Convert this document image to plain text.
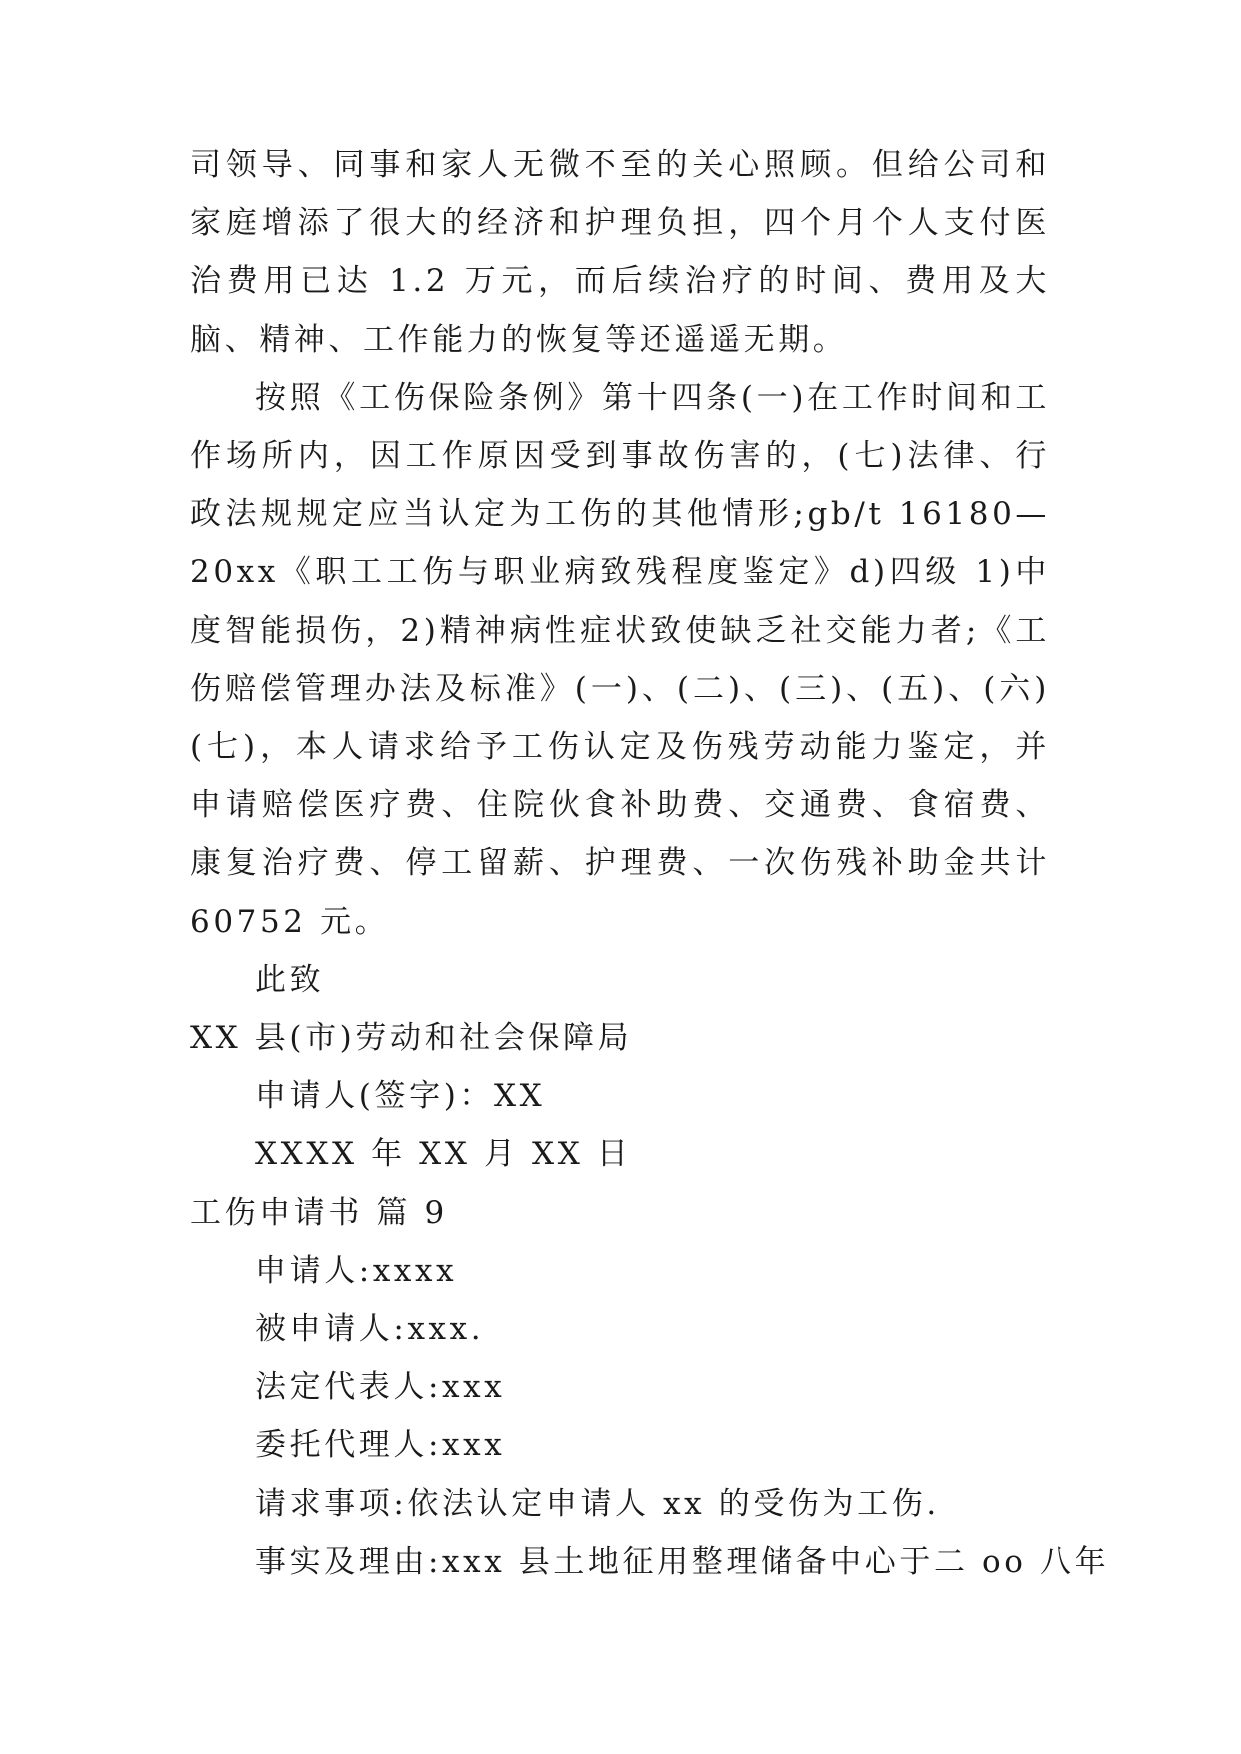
司领导、同事和家人无微不至的关心照顾。但给公司和家庭增添了很大的经济和护理负担，四个月个人支付医治费用已达 1.2 万元，而后续治疗的时间、费用及大脑、精神、工作能力的恢复等还遥遥无期。

按照《工伤保险条例》第十四条(一)在工作时间和工作场所内，因工作原因受到事故伤害的，(七)法律、行政法规规定应当认定为工伤的其他情形;gb/t 16180—20xx《职工工伤与职业病致残程度鉴定》d)四级 1)中度智能损伤，2)精神病性症状致使缺乏社交能力者;《工伤赔偿管理办法及标准》(一)、(二)、(三)、(五)、(六)(七)，本人请求给予工伤认定及伤残劳动能力鉴定，并申请赔偿医疗费、住院伙食补助费、交通费、食宿费、康复治疗费、停工留薪、护理费、一次伤残补助金共计 60752 元。

此致

XX 县(市)劳动和社会保障局

申请人(签字)：XX

XXXX 年 XX 月 XX 日

工伤申请书 篇 9

申请人:xxxx

被申请人:xxx.

法定代表人:xxx

委托代理人:xxx

请求事项:依法认定申请人 xx 的受伤为工伤.

事实及理由:xxx 县土地征用整理储备中心于二 oo 八年
